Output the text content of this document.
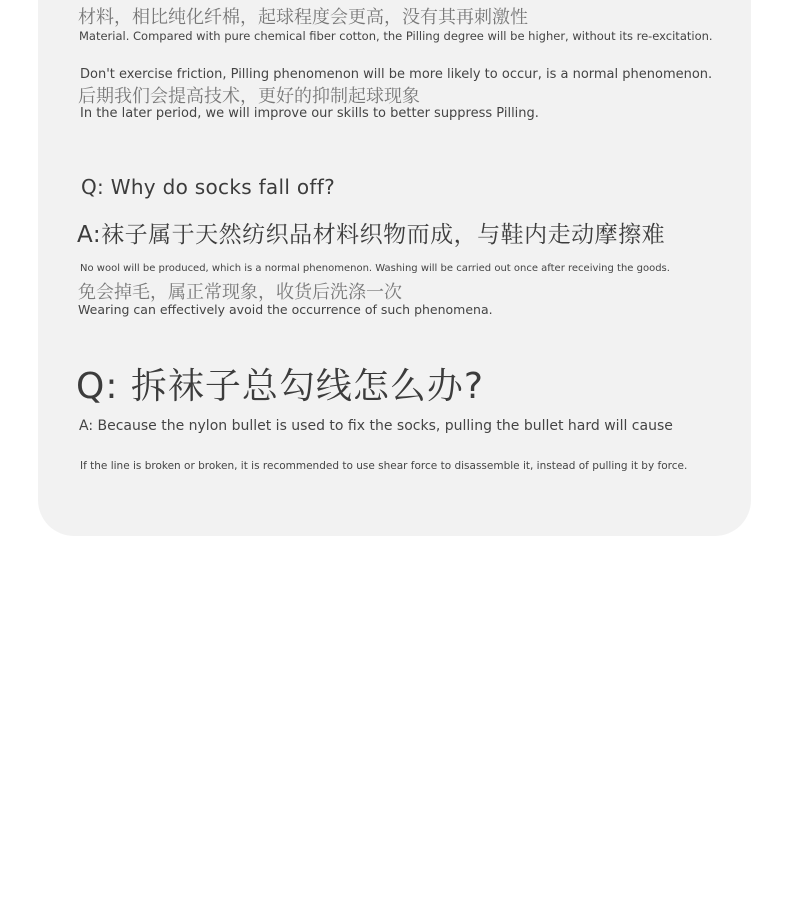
材料，相比纯化纤棉，起球程度会更高，没有其再刺激性

Material. Compared with pure chemical fiber cotton, the Pilling degree will be higher, without its re-excitation.

Don't exercise friction, Pilling phenomenon will be more likely to occur, is a normal phenomenon.

后期我们会提高技术，更好的抑制起球现象

In the later period, we will improve our skills to better suppress Pilling.

Q: Why do socks fall off?

A:袜子属于天然纺织品材料织物而成，与鞋内走动摩擦难

No wool will be produced, which is a normal phenomenon. Washing will be carried out once after receiving the goods.

免会掉毛，属正常现象，收货后洗涤一次

Wearing can effectively avoid the occurrence of such phenomena.

Q: 拆袜子总勾线怎么办?

A: Because the nylon bullet is used to fix the socks, pulling the bullet hard will cause

If the line is broken or broken, it is recommended to use shear force to disassemble it, instead of pulling it by force.
